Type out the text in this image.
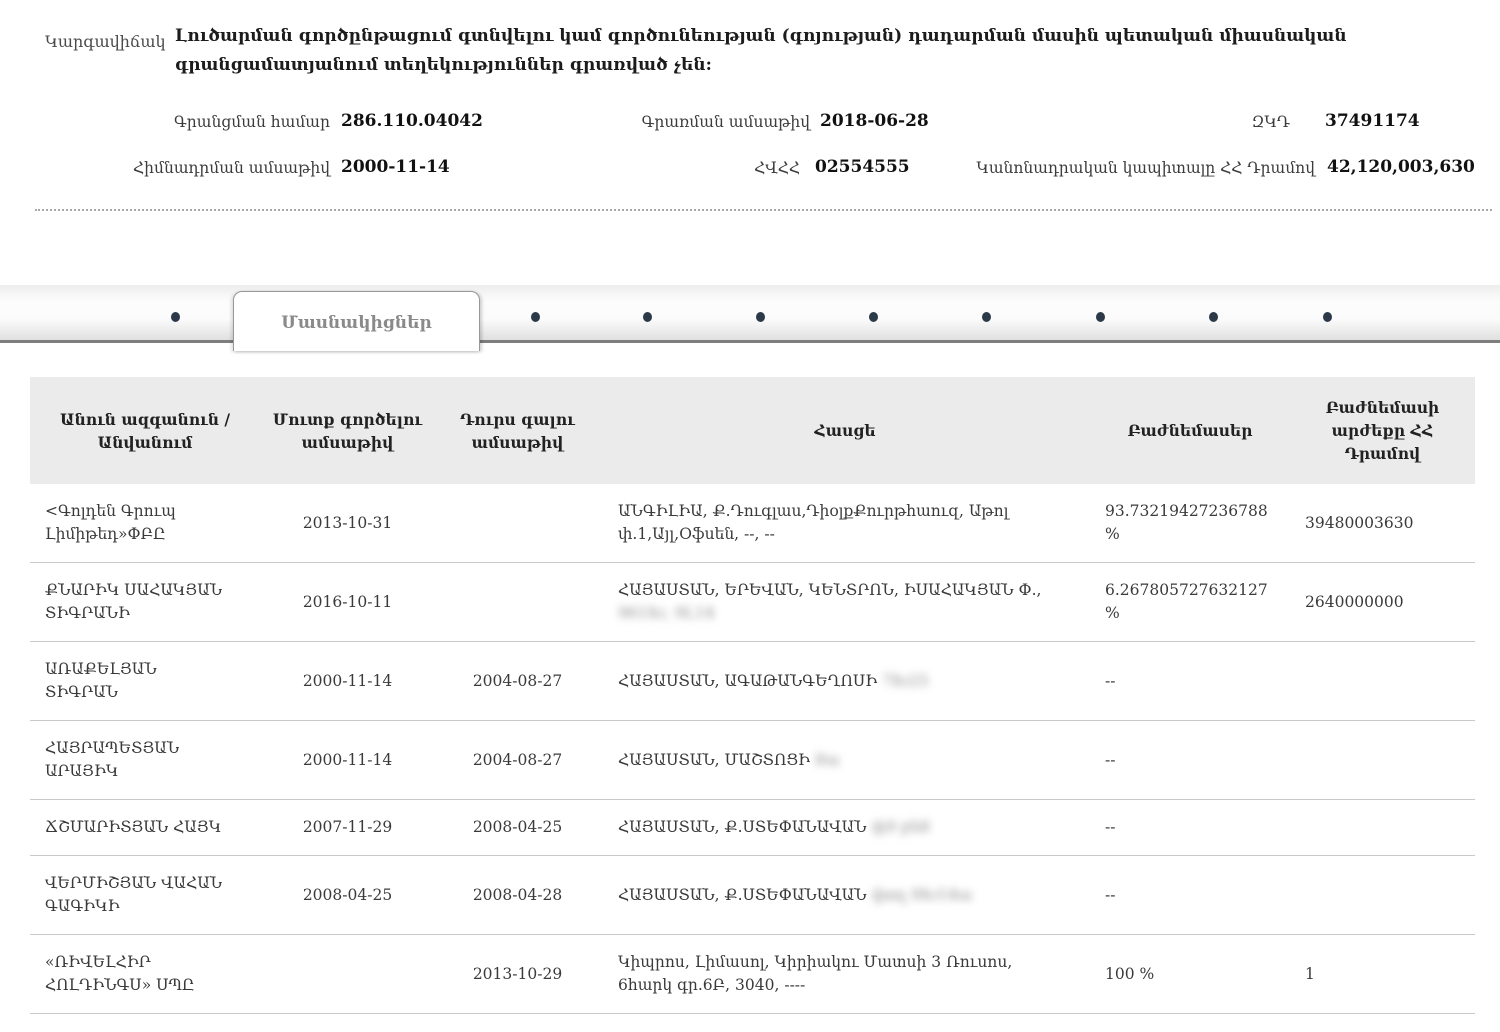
Կարգավիճակ Լուծարման գործընթացում գտնվելու կամ գործունեության (գոյության) դադարման մասին պետական միասնական գրանցամատյանում տեղեկություններ գրառված չեն:
Գրանցման համար 286.110.04042	Գրառման ամսաթիվ 2018-06-28	ԶԿԴ 37491174
Հիմնադրման ամսաթիվ 2000-11-14	ՀՎՀՀ 02554555	Կանոնադրական կապիտալը ՀՀ Դրամով 42,120,003,630
Մասնակիցներ
Անուն ազգանուն / Անվանում	Մուտք գործելու ամսաթիվ	Դուրս գալու ամսաթիվ	Հասցե	Բաժնեմասեր	Բաժնեմասի արժեքը ՀՀ Դրամով
<Գոլդեն Գրուպ Լիմիթեդ»ՓԲԸ	2013-10-31		ԱՆԳԻԼԻԱ, Ք.Դուգլաս,ԴիօլքՔուրթհաուզ, Աթոլ փ.1,Այլ,Օֆսեն, --, --	93.73219427236788 %	39480003630
ՔՆԱՐԻԿ ՍԱՀԱԿՅԱՆ ՏԻԳՐԱՆԻ	2016-10-11		ՀԱՅԱՍՏԱՆ, ԵՐԵՎԱՆ, ԿԵՆՏՐՈՆ, ԻՍԱՀԱԿՅԱՆ Փ., 961Խ, 9Լ14	6.267805727632127 %	2640000000
ԱՌԱՔԵԼՅԱՆ ՏԻԳՐԱՆ	2000-11-14	2004-08-27	ՀԱՅԱՍՏԱՆ, ԱԳԱԹԱՆԳԵՂՈՍԻ 7Խ25	--	
ՀԱՅՐԱՊԵՏՅԱՆ ԱՐԱՅԻԿ	2000-11-14	2004-08-27	ՀԱՅԱՍՏԱՆ, ՄԱՇՏՈՑԻ 8ա	--	
ՃՇՄԱՐԻՏՅԱՆ ՀԱՅԿ	2007-11-29	2008-04-25	ՀԱՅԱՍՏԱՆ, Ք.ՍՏԵՓԱՆԱՎԱՆ փ9 բն8	--	
ՎԵՐՄԻՇՅԱՆ ՎԱՀԱՆ ԳԱԳԻԿԻ	2008-04-25	2008-04-28	ՀԱՅԱՍՏԱՆ, Ք.ՍՏԵՓԱՆԱՎԱՆ փող 9Խ14ա	--	
«ՌԻՎԵԼՀԻՐ ՀՈԼԴԻՆԳՍ» ՍՊԸ		2013-10-29	Կիպրոս, Լիմասոլ, Կիրիակու Մատսի 3 Ռուսոս, 6հարկ գր.6Բ, 3040, ----	100 %	1
